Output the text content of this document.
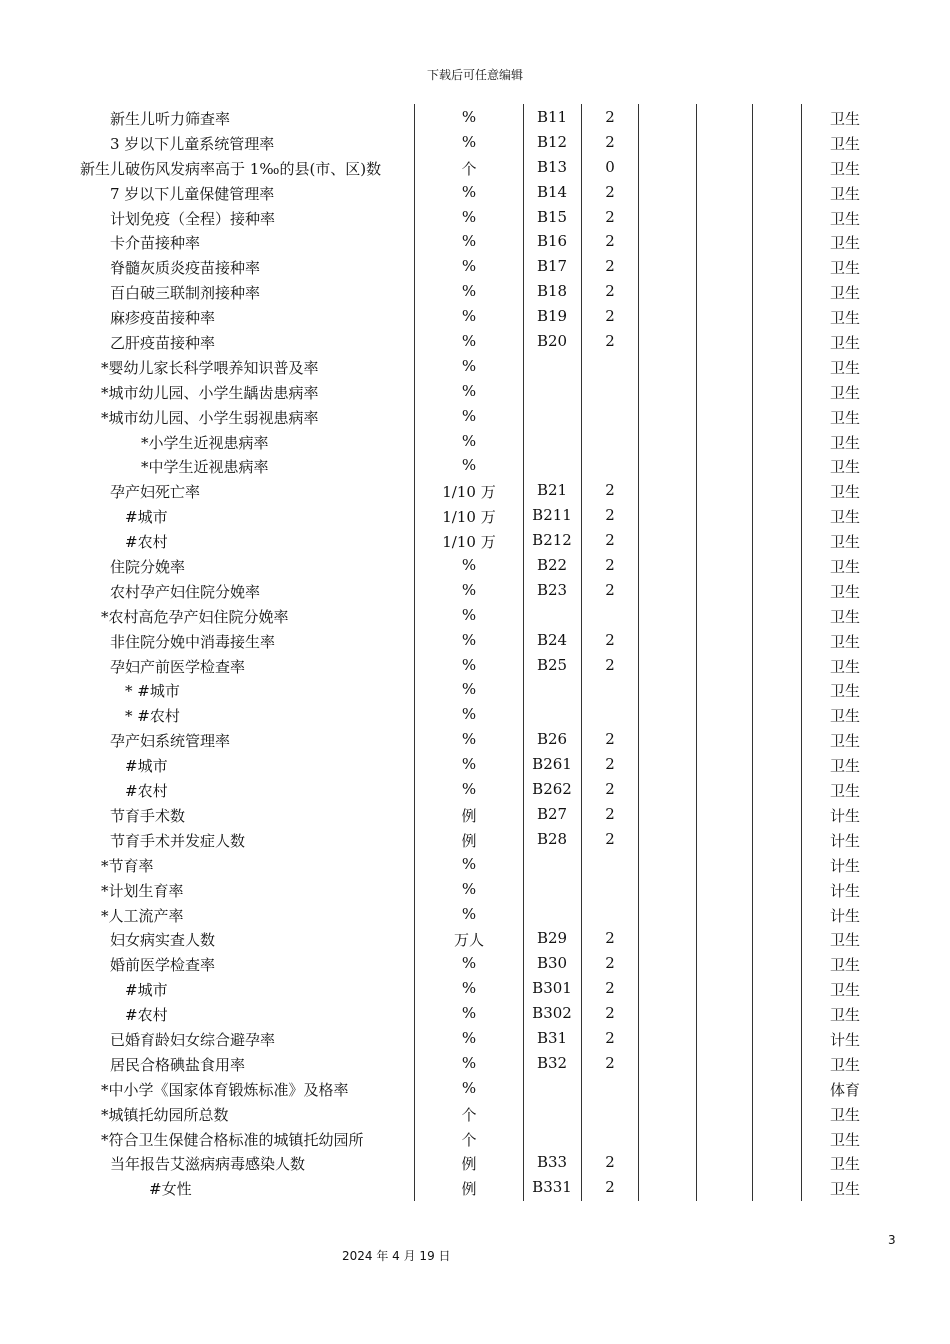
下载后可任意编辑
新生儿听力筛查率	%	B11	2	卫生
3 岁以下儿童系统管理率	%	B12	2	卫生
新生儿破伤风发病率高于 1‰的县(市、区)数	个	B13	0	卫生
7 岁以下儿童保健管理率	%	B14	2	卫生
计划免疫（全程）接种率	%	B15	2	卫生
卡介苗接种率	%	B16	2	卫生
脊髓灰质炎疫苗接种率	%	B17	2	卫生
百白破三联制剂接种率	%	B18	2	卫生
麻疹疫苗接种率	%	B19	2	卫生
乙肝疫苗接种率	%	B20	2	卫生
*婴幼儿家长科学喂养知识普及率	%	卫生
*城市幼儿园、小学生龋齿患病率	%	卫生
*城市幼儿园、小学生弱视患病率	%	卫生
*小学生近视患病率	%	卫生
*中学生近视患病率	%	卫生
孕产妇死亡率	1/10 万	B21	2	卫生
#城市	1/10 万	B211	2	卫生
#农村	1/10 万	B212	2	卫生
住院分娩率	%	B22	2	卫生
农村孕产妇住院分娩率	%	B23	2	卫生
*农村高危孕产妇住院分娩率	%	卫生
非住院分娩中消毒接生率	%	B24	2	卫生
孕妇产前医学检查率	%	B25	2	卫生
* #城市	%	卫生
* #农村	%	卫生
孕产妇系统管理率	%	B26	2	卫生
#城市	%	B261	2	卫生
#农村	%	B262	2	卫生
节育手术数	例	B27	2	计生
节育手术并发症人数	例	B28	2	计生
*节育率	%	计生
*计划生育率	%	计生
*人工流产率	%	计生
妇女病实查人数	万人	B29	2	卫生
婚前医学检查率	%	B30	2	卫生
#城市	%	B301	2	卫生
#农村	%	B302	2	卫生
已婚育龄妇女综合避孕率	%	B31	2	计生
居民合格碘盐食用率	%	B32	2	卫生
*中小学《国家体育锻炼标准》及格率	%	体育
*城镇托幼园所总数	个	卫生
*符合卫生保健合格标准的城镇托幼园所	个	卫生
当年报告艾滋病病毒感染人数	例	B33	2	卫生
#女性	例	B331	2	卫生
3
2024 年 4 月 19 日
